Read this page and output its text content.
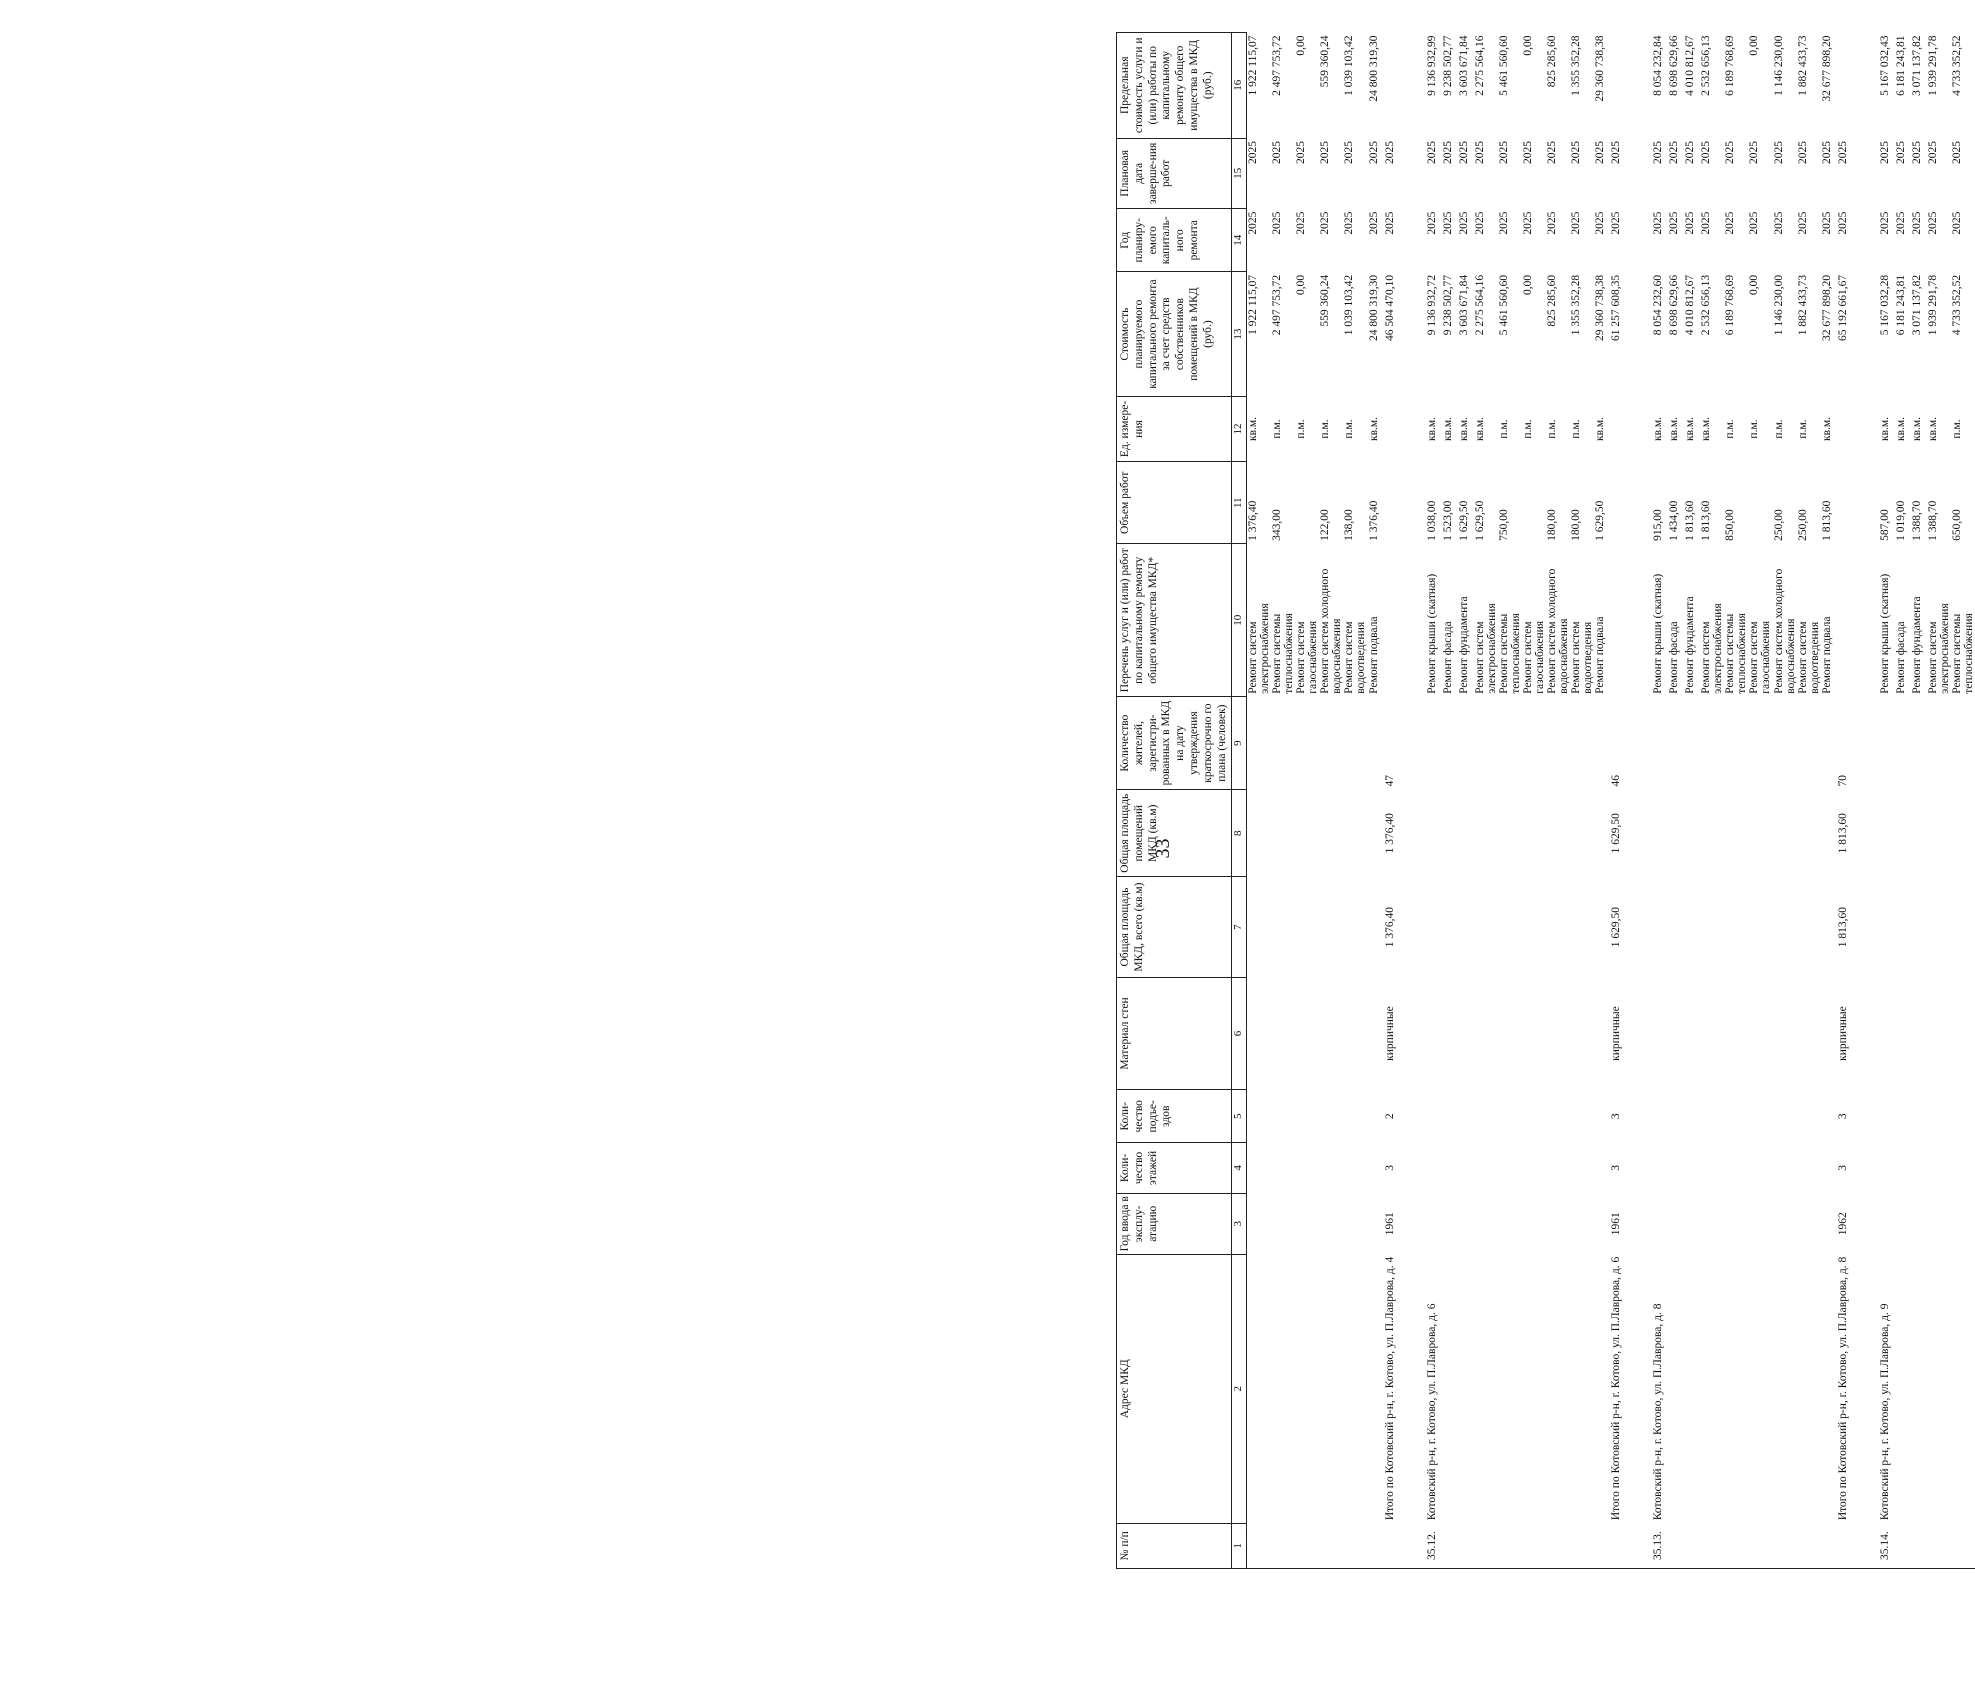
33
№ п/п	Адрес МКД	Год ввода в эксплу-атацию	Коли-чество этажей	Коли-чество подъе-здов	Материал стен	Общая площадь МКД, всего (кв.м)	Общая площадь помещений МКД (кв.м)	Количество жителей, зарегистри-рованных в МКД на дату утверждения краткосрочно го плана (человек)	Перечень услуг и (или) работ по капитальному ремонту общего имущества МКД*	Объем работ	Ед. измере-ния	Стоимость планируемого капитального ремонта за счет средств собственников помещений в МКД (руб.)	Год планиру-емого капиталь-ного ремонта	Плановая дата заверше-ния работ	Предельная стоимость услуги и (или) работы по капитальному ремонту общего имущества в МКД (руб.)
1	2	3	4	5	6	7	8	9	10	11	12	13	14	15	16

									Ремонт систем электроснабжения	1 376,40	кв.м.	1 922 115,07	2025	2025	1 922 115,07

									Ремонт системы теплоснабжения	343,00	п.м.	2 497 753,72	2025	2025	2 497 753,72

									Ремонт систем газоснабжения		п.м.	0,00	2025	2025	0,00

									Ремонт систем холодного водоснабжения	122,00	п.м.	559 360,24	2025	2025	559 360,24

									Ремонт систем водоотведения	138,00	п.м.	1 039 103,42	2025	2025	1 039 103,42

									Ремонт подвала	1 376,40	кв.м.	24 800 319,30	2025	2025	24 800 319,30
	Итого по Котовский р-н, г. Котово, ул. П.Лаврова, д. 4	1961	3	2	кирпичные	1 376,40	1 376,40	47				46 504 470,10	2025	2025	
35.12.	Котовский р-н, г. Котово, ул. П.Лаврова, д. 6								Ремонт крыши (скатная)	1 038,00	кв.м.	9 136 932,72	2025	2025	9 136 932,99

									Ремонт фасада	1 523,00	кв.м.	9 238 502,77	2025	2025	9 238 502,77

									Ремонт фундамента	1 629,50	кв.м.	3 603 671,84	2025	2025	3 603 671,84

									Ремонт систем электроснабжения	1 629,50	кв.м.	2 275 564,16	2025	2025	2 275 564,16

									Ремонт системы теплоснабжения	750,00	п.м.	5 461 560,60	2025	2025	5 461 560,60

									Ремонт систем газоснабжения		п.м.	0,00	2025	2025	0,00

									Ремонт систем холодного водоснабжения	180,00	п.м.	825 285,60	2025	2025	825 285,60

									Ремонт систем водоотведения	180,00	п.м.	1 355 352,28	2025	2025	1 355 352,28

									Ремонт подвала	1 629,50	кв.м.	29 360 738,38	2025	2025	29 360 738,38
	Итого по Котовский р-н, г. Котово, ул. П.Лаврова, д. 6	1961	3	3	кирпичные	1 629,50	1 629,50	46				61 257 608,35	2025	2025	
35.13.	Котовский р-н, г. Котово, ул. П.Лаврова, д. 8								Ремонт крыши (скатная)	915,00	кв.м.	8 054 232,60	2025	2025	8 054 232,84

									Ремонт фасада	1 434,00	кв.м.	8 698 629,66	2025	2025	8 698 629,66

									Ремонт фундамента	1 813,60	кв.м.	4 010 812,67	2025	2025	4 010 812,67

									Ремонт систем электроснабжения	1 813,60	кв.м.	2 532 656,13	2025	2025	2 532 656,13

									Ремонт системы теплоснабжения	850,00	п.м.	6 189 768,69	2025	2025	6 189 768,69

									Ремонт систем газоснабжения		п.м.	0,00	2025	2025	0,00

									Ремонт систем холодного водоснабжения	250,00	п.м.	1 146 230,00	2025	2025	1 146 230,00

									Ремонт систем водоотведения	250,00	п.м.	1 882 433,73	2025	2025	1 882 433,73

									Ремонт подвала	1 813,60	кв.м.	32 677 898,20	2025	2025	32 677 898,20
	Итого по Котовский р-н, г. Котово, ул. П.Лаврова, д. 8	1962	3	3	кирпичные	1 813,60	1 813,60	70				65 192 661,67	2025	2025	
35.14.	Котовский р-н, г. Котово, ул. П.Лаврова, д. 9								Ремонт крыши (скатная)	587,00	кв.м.	5 167 032,28	2025	2025	5 167 032,43

									Ремонт фасада	1 019,00	кв.м.	6 181 243,81	2025	2025	6 181 243,81

									Ремонт фундамента	1 388,70	кв.м.	3 071 137,82	2025	2025	3 071 137,82

									Ремонт систем электроснабжения	1 388,70	кв.м.	1 939 291,78	2025	2025	1 939 291,78

									Ремонт системы теплоснабжения	650,00	п.м.	4 733 352,52	2025	2025	4 733 352,52
